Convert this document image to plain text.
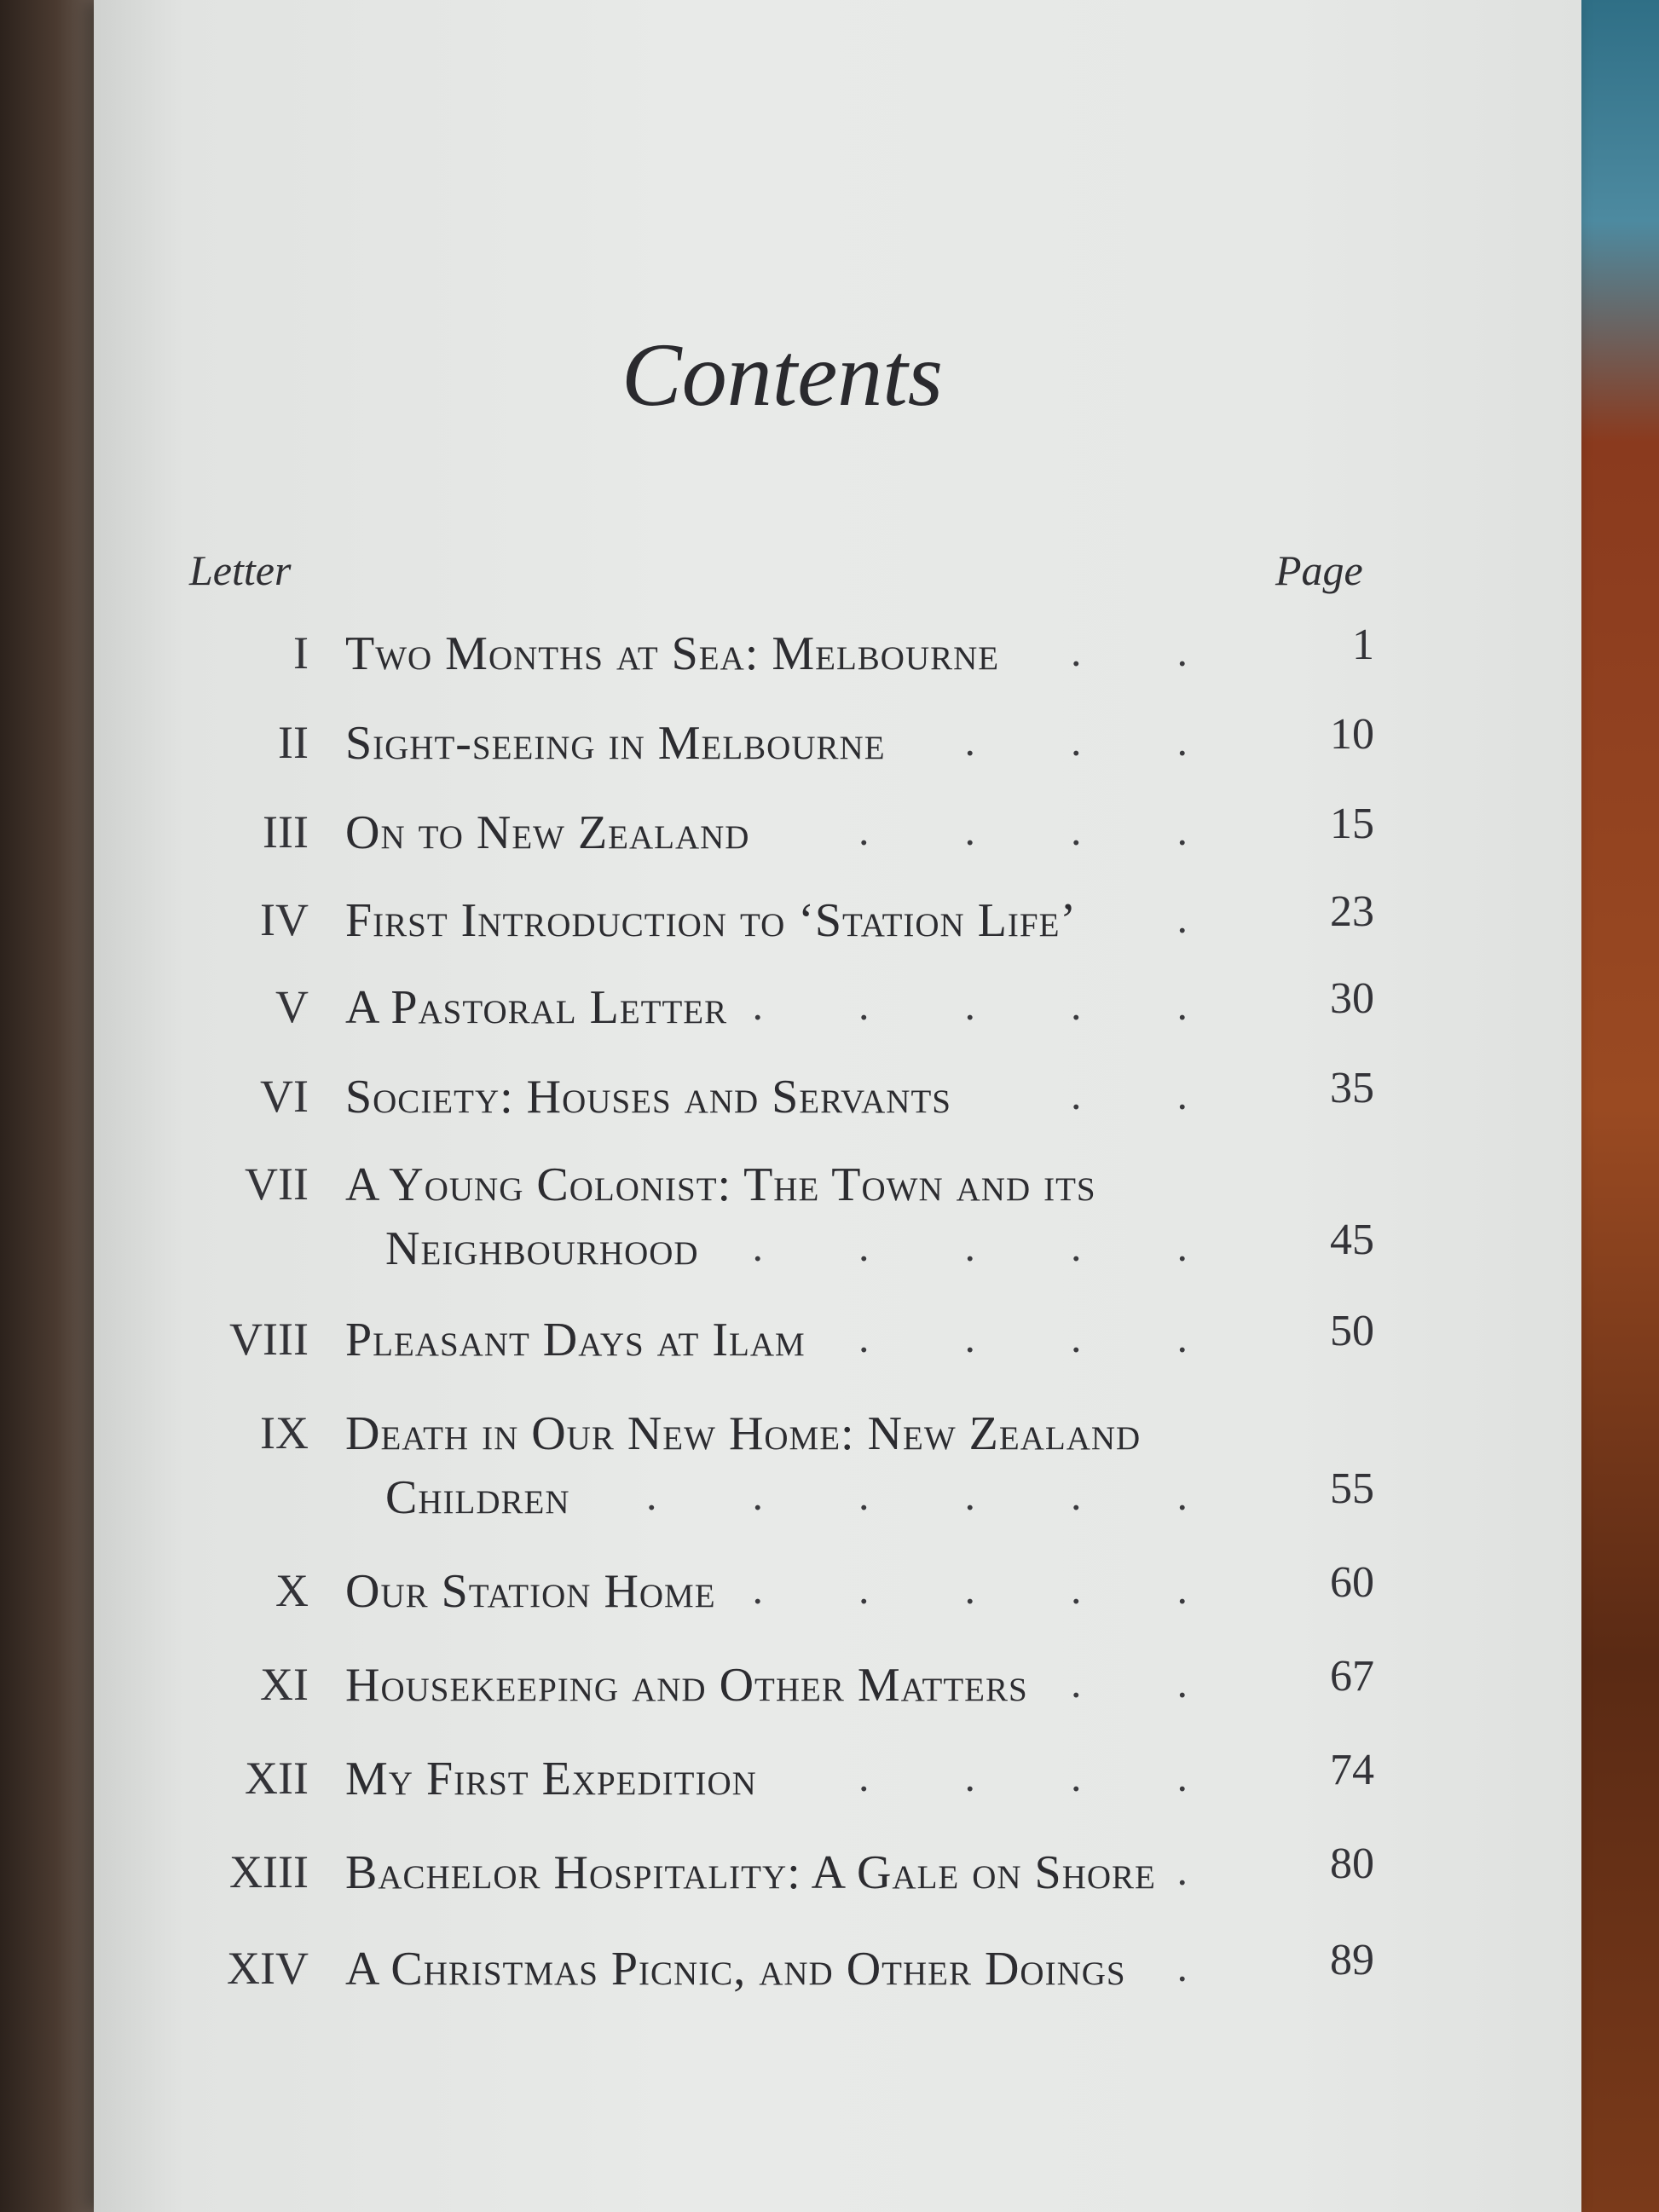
Contents
Letter	Page
I Two Months at Sea: Melbourne	.. 1
II Sight-seeing in Melbourne	... 10
III On to New Zealand	.... 15
IV First Introduction to ‘Station Life’	. 23
V A Pastoral Letter ..... 30
VI Society: Houses and Servants	.. 35
VII A Young Colonist: The Town and its
Neighbourhood	..... 45
VIII Pleasant Days at Ilam	.... 50
IX Death in Our New Home: New Zealand
Children	...... 55
X Our Station Home ..... 60
XI Housekeeping and Other Matters	.. 67
XII My First Expedition	.... 74
XIII Bachelor Hospitality: A Gale on Shore . 80
XIV A Christmas Picnic, and Other Doings	. 89
